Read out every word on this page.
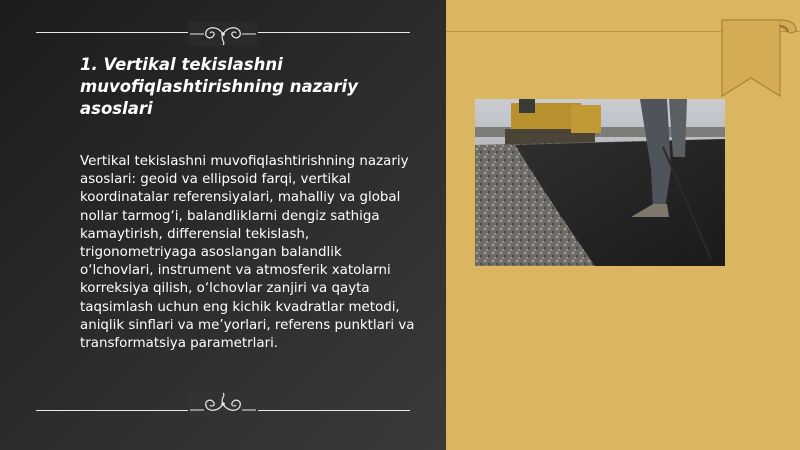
1. Vertikal tekislashni muvofiqlashtirishning nazariy asoslari

Vertikal tekislashni muvofiqlashtirishning nazariy asoslari: geoid va ellipsoid farqi, vertikal koordinatalar referensiyalari, mahalliy va global nollar tarmog‘i, balandliklarni dengiz sathiga kamaytirish, differensial tekislash, trigonometriyaga asoslangan balandlik o‘lchovlari, instrument va atmosferik xatolarni korreksiya qilish, o‘lchovlar zanjiri va qayta taqsimlash uchun eng kichik kvadratlar metodi, aniqlik sinflari va me’yorlari, referens punktlari va transformatsiya parametrlari.
